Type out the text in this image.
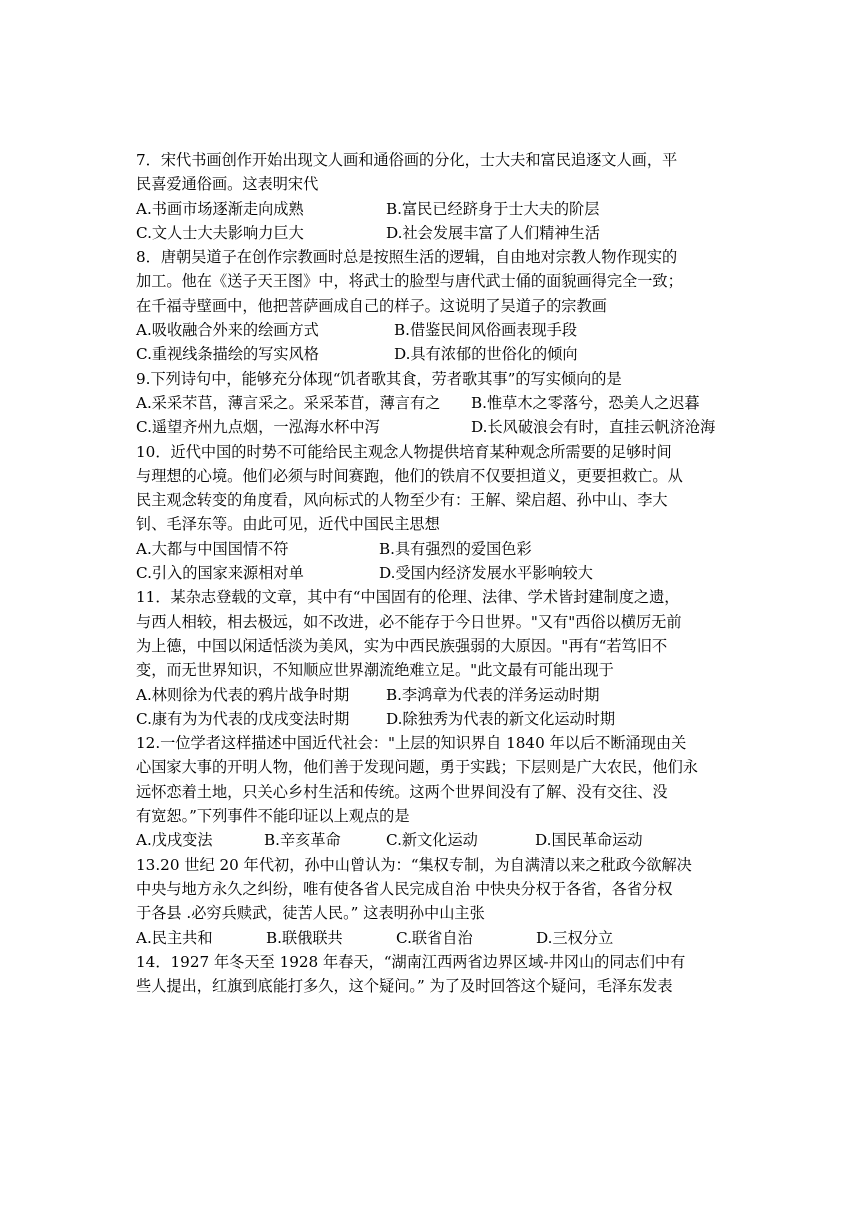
7．宋代书画创作开始出现文人画和通俗画的分化，士大夫和富民追逐文人画，平
民喜爱通俗画。这表明宋代
A.书画市场逐渐走向成熟	B.富民已经跻身于士大夫的阶层
C.文人士大夫影响力巨大	D.社会发展丰富了人们精神生活
8．唐朝吴道子在创作宗教画时总是按照生活的逻辑，自由地对宗教人物作现实的
加工。他在《送子天王图》中，将武士的脸型与唐代武士俑的面貌画得完全一致；
在千福寺壁画中，他把菩萨画成自己的样子。这说明了吴道子的宗教画
A.吸收融合外来的绘画方式	B.借鉴民间风俗画表现手段
C.重视线条描绘的写实风格	D.具有浓郁的世俗化的倾向
9.下列诗句中，能够充分体现“饥者歌其食，劳者歌其事”的写实倾向的是
A.采采芣苢，薄言采之。采采苯苜，薄言有之	B.惟草木之零落兮，恐美人之迟暮
C.遥望齐州九点烟，一泓海水杯中泻	D.长风破浪会有时，直挂云帆济沧海
10．近代中国的时势不可能给民主观念人物提供培育某种观念所需要的足够时间
与理想的心境。他们必须与时间赛跑，他们的铁肩不仅要担道义，更要担救亡。从
民主观念转变的角度看，风向标式的人物至少有：王解、梁启超、孙中山、李大
钊、毛泽东等。由此可见，近代中国民主思想
A.大都与中国国情不符	B.具有强烈的爱国色彩
C.引入的国家来源相对单	D.受国内经济发展水平影响较大
11．某杂志登载的文章，其中有“中国固有的伦理、法律、学术皆封建制度之遗，
与西人相较，相去极远，如不改进，必不能存于今日世界。"又有"西俗以横厉无前
为上德，中国以闲适恬淡为美风，实为中西民族强弱的大原因。"再有“若笃旧不
变，而无世界知识，不知顺应世界潮流绝难立足。"此文最有可能出现于
A.林则徐为代表的鸦片战争时期	B.李鸿章为代表的洋务运动时期
C.康有为为代表的戊戌变法时期	D.除独秀为代表的新文化运动时期
12.一位学者这样描述中国近代社会："上层的知识界自 1840 年以后不断涌现由关
心国家大事的开明人物，他们善于发现问题，勇于实践；下层则是广大农民，他们永
远怀恋着土地，只关心乡村生活和传统。这两个世界间没有了解、没有交往、没
有宽恕。”下列事件不能印证以上观点的是
A.戊戌变法	B.辛亥革命	C.新文化运动	D.国民革命运动
13.20 世纪 20 年代初，孙中山曾认为：“集权专制，为自满清以来之秕政今欲解决
中央与地方永久之纠纷，唯有使各省人民完成自治 中快央分权于各省，各省分权
于各县 .必穷兵赎武，徒苦人民。” 这表明孙中山主张
A.民主共和	B.联俄联共	C.联省自治	D.三权分立
14．1927 年冬天至 1928 年春天，“湖南江西两省边界区域-井冈山的同志们中有
些人提出，红旗到底能打多久，这个疑问。” 为了及时回答这个疑问，毛泽东发表
